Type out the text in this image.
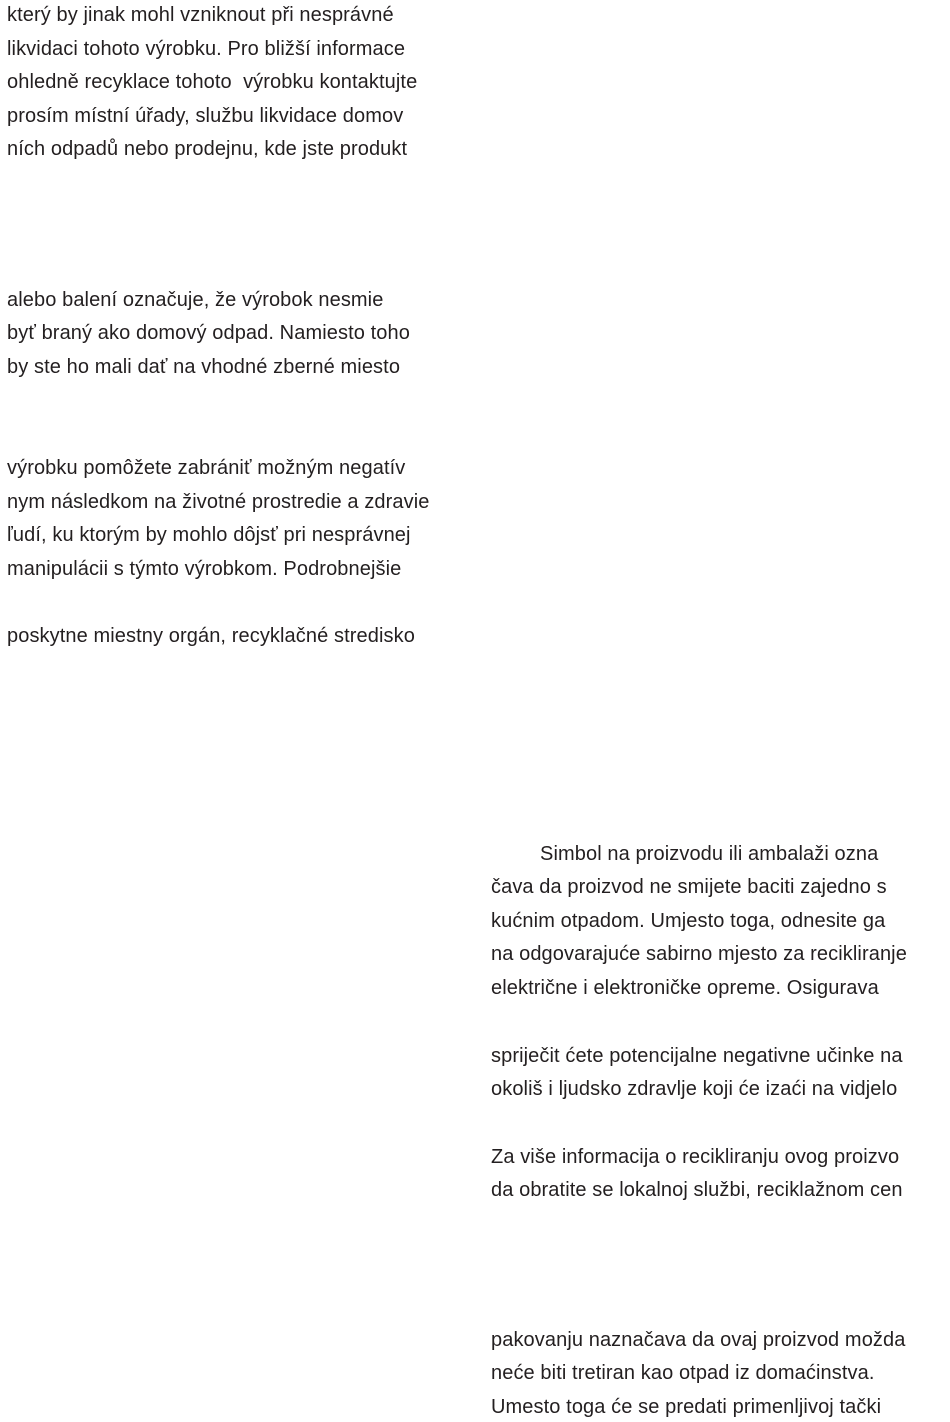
který by jinak mohl vzniknout při nesprávné
likvidaci tohoto výrobku. Pro bližší informace
ohledně recyklace tohoto  výrobku kontaktujte
prosím místní úřady, službu likvidace domov
ních odpadů nebo prodejnu, kde jste produkt
alebo balení označuje, že výrobok nesmie
byť braný ako domový odpad. Namiesto toho
by ste ho mali dať na vhodné zberné miesto
výrobku pomôžete zabrániť možným negatív
nym následkom na životné prostredie a zdravie
ľudí, ku ktorým by mohlo dôjsť pri nesprávnej
manipulácii s týmto výrobkom. Podrobnejšie
poskytne miestny orgán, recyklačné stredisko
Simbol na proizvodu ili ambalaži ozna
čava da proizvod ne smijete baciti zajedno s
kućnim otpadom. Umjesto toga, odnesite ga
na odgovarajuće sabirno mjesto za recikliranje
električne i elektroničke opreme. Osigurava
spriječit ćete potencijalne negativne učinke na
okoliš i ljudsko zdravlje koji će izaći na vidjelo
Za više informacija o recikliranju ovog proizvo
da obratite se lokalnoj službi, reciklažnom cen
pakovanju naznačava da ovaj proizvod možda
neće biti tretiran kao otpad iz domaćinstva.
Umesto toga će se predati primenljivoj tački
